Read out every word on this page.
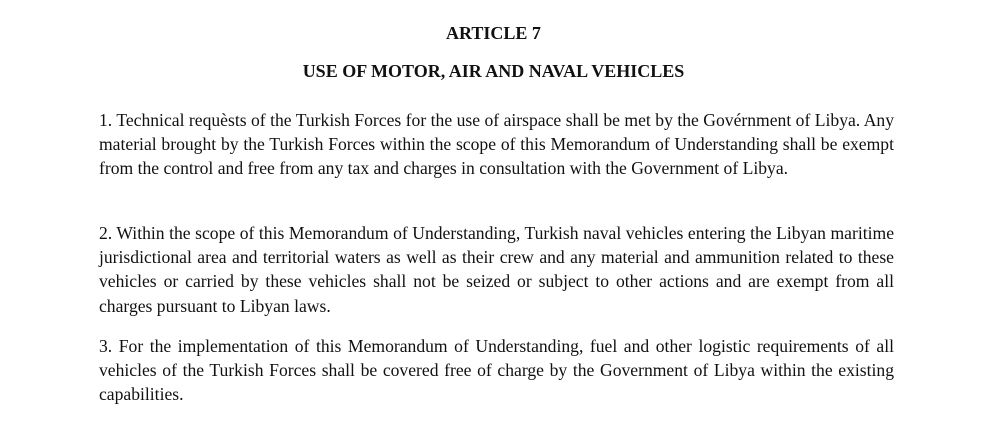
ARTICLE 7
USE OF MOTOR, AIR AND NAVAL VEHICLES

1. Technical requèsts of the Turkish Forces for the use of airspace shall be met by the Govérnment of Libya. Any material brought by the Turkish Forces within the scope of this Memorandum of Understanding shall be exempt from the control and free from any tax and charges in consultation with the Government of Libya.

2. Within the scope of this Memorandum of Understanding, Turkish naval vehicles entering the Libyan maritime jurisdictional area and territorial waters as well as their crew and any material and ammunition related to these vehicles or carried by these vehicles shall not be seized or subject to other actions and are exempt from all charges pursuant to Libyan laws.

3. For the implementation of this Memorandum of Understanding, fuel and other logistic requirements of all vehicles of the Turkish Forces shall be covered free of charge by the Government of Libya within the existing capabilities.
